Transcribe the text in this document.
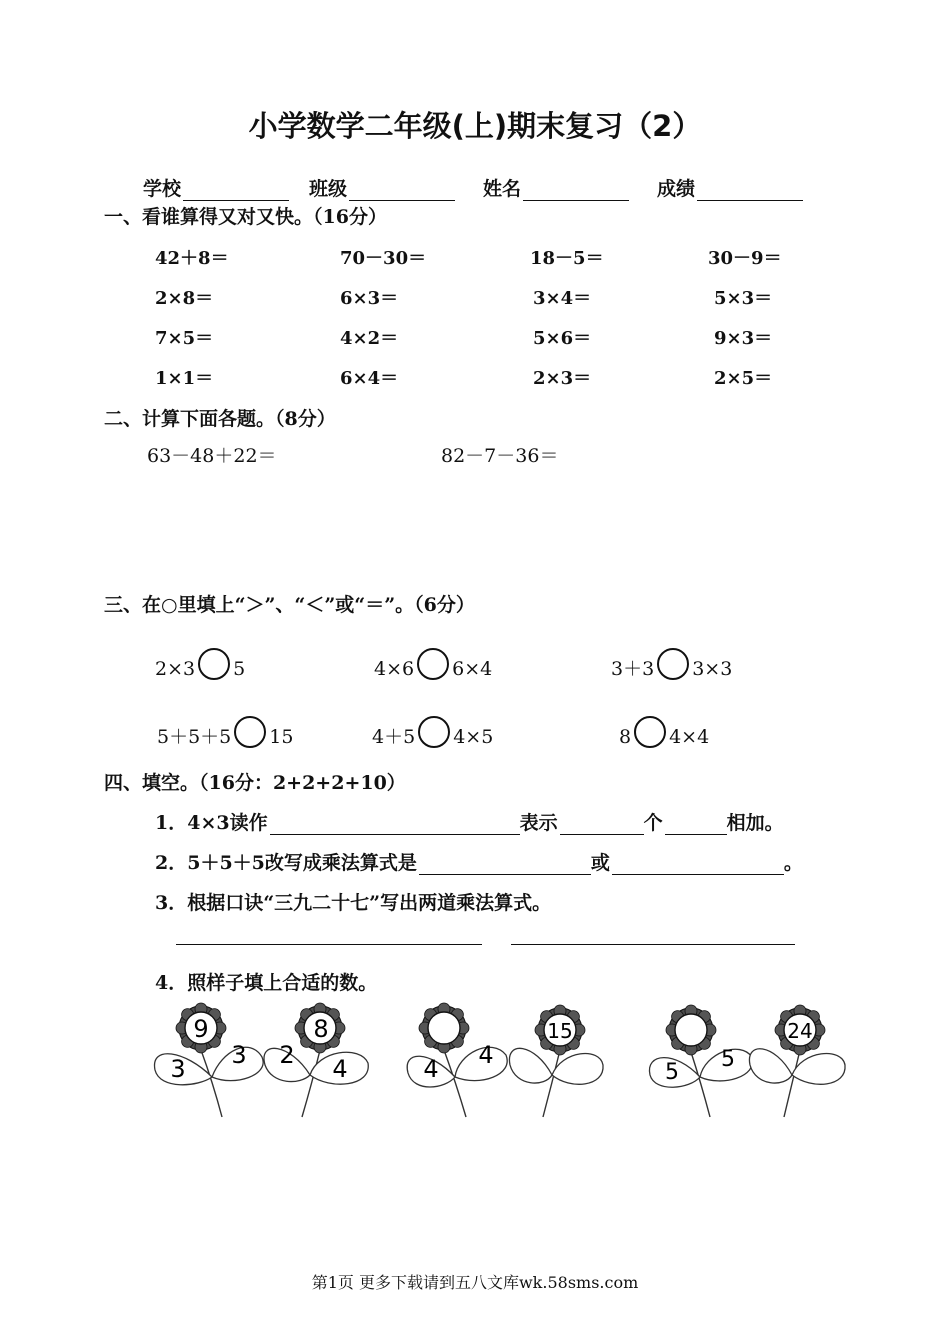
小学数学二年级(上)期末复习（2）
学校	班级	姓名	成绩
一、看谁算得又对又快。（16分）
42＋8＝	70－30＝	18－5＝	30－9＝
2×8＝	6×3＝	3×4＝	5×3＝
7×5＝	4×2＝	5×6＝	9×3＝
1×1＝	6×4＝	2×3＝	2×5＝
二、计算下面各题。（8分）
63－48＋22＝	82－7－36＝
三、在○里填上“＞”、“＜”或“＝”。（6分）
2×3 5	4×6 6×4	3＋3 3×3
5＋5＋5 15	4＋5 4×5	8 4×4
四、填空。（16分：2+2+2+10）
1．4×3读作	表示	个	相加。
2．5＋5＋5改写成乘法算式是	或	。
3．根据口诀“三九二十七”写出两道乘法算式。
4．照样子填上合适的数。
9
3 3
8
2 4	4 4
15
5
5
24
第1页 更多下载请到五八文库wk.58sms.com
